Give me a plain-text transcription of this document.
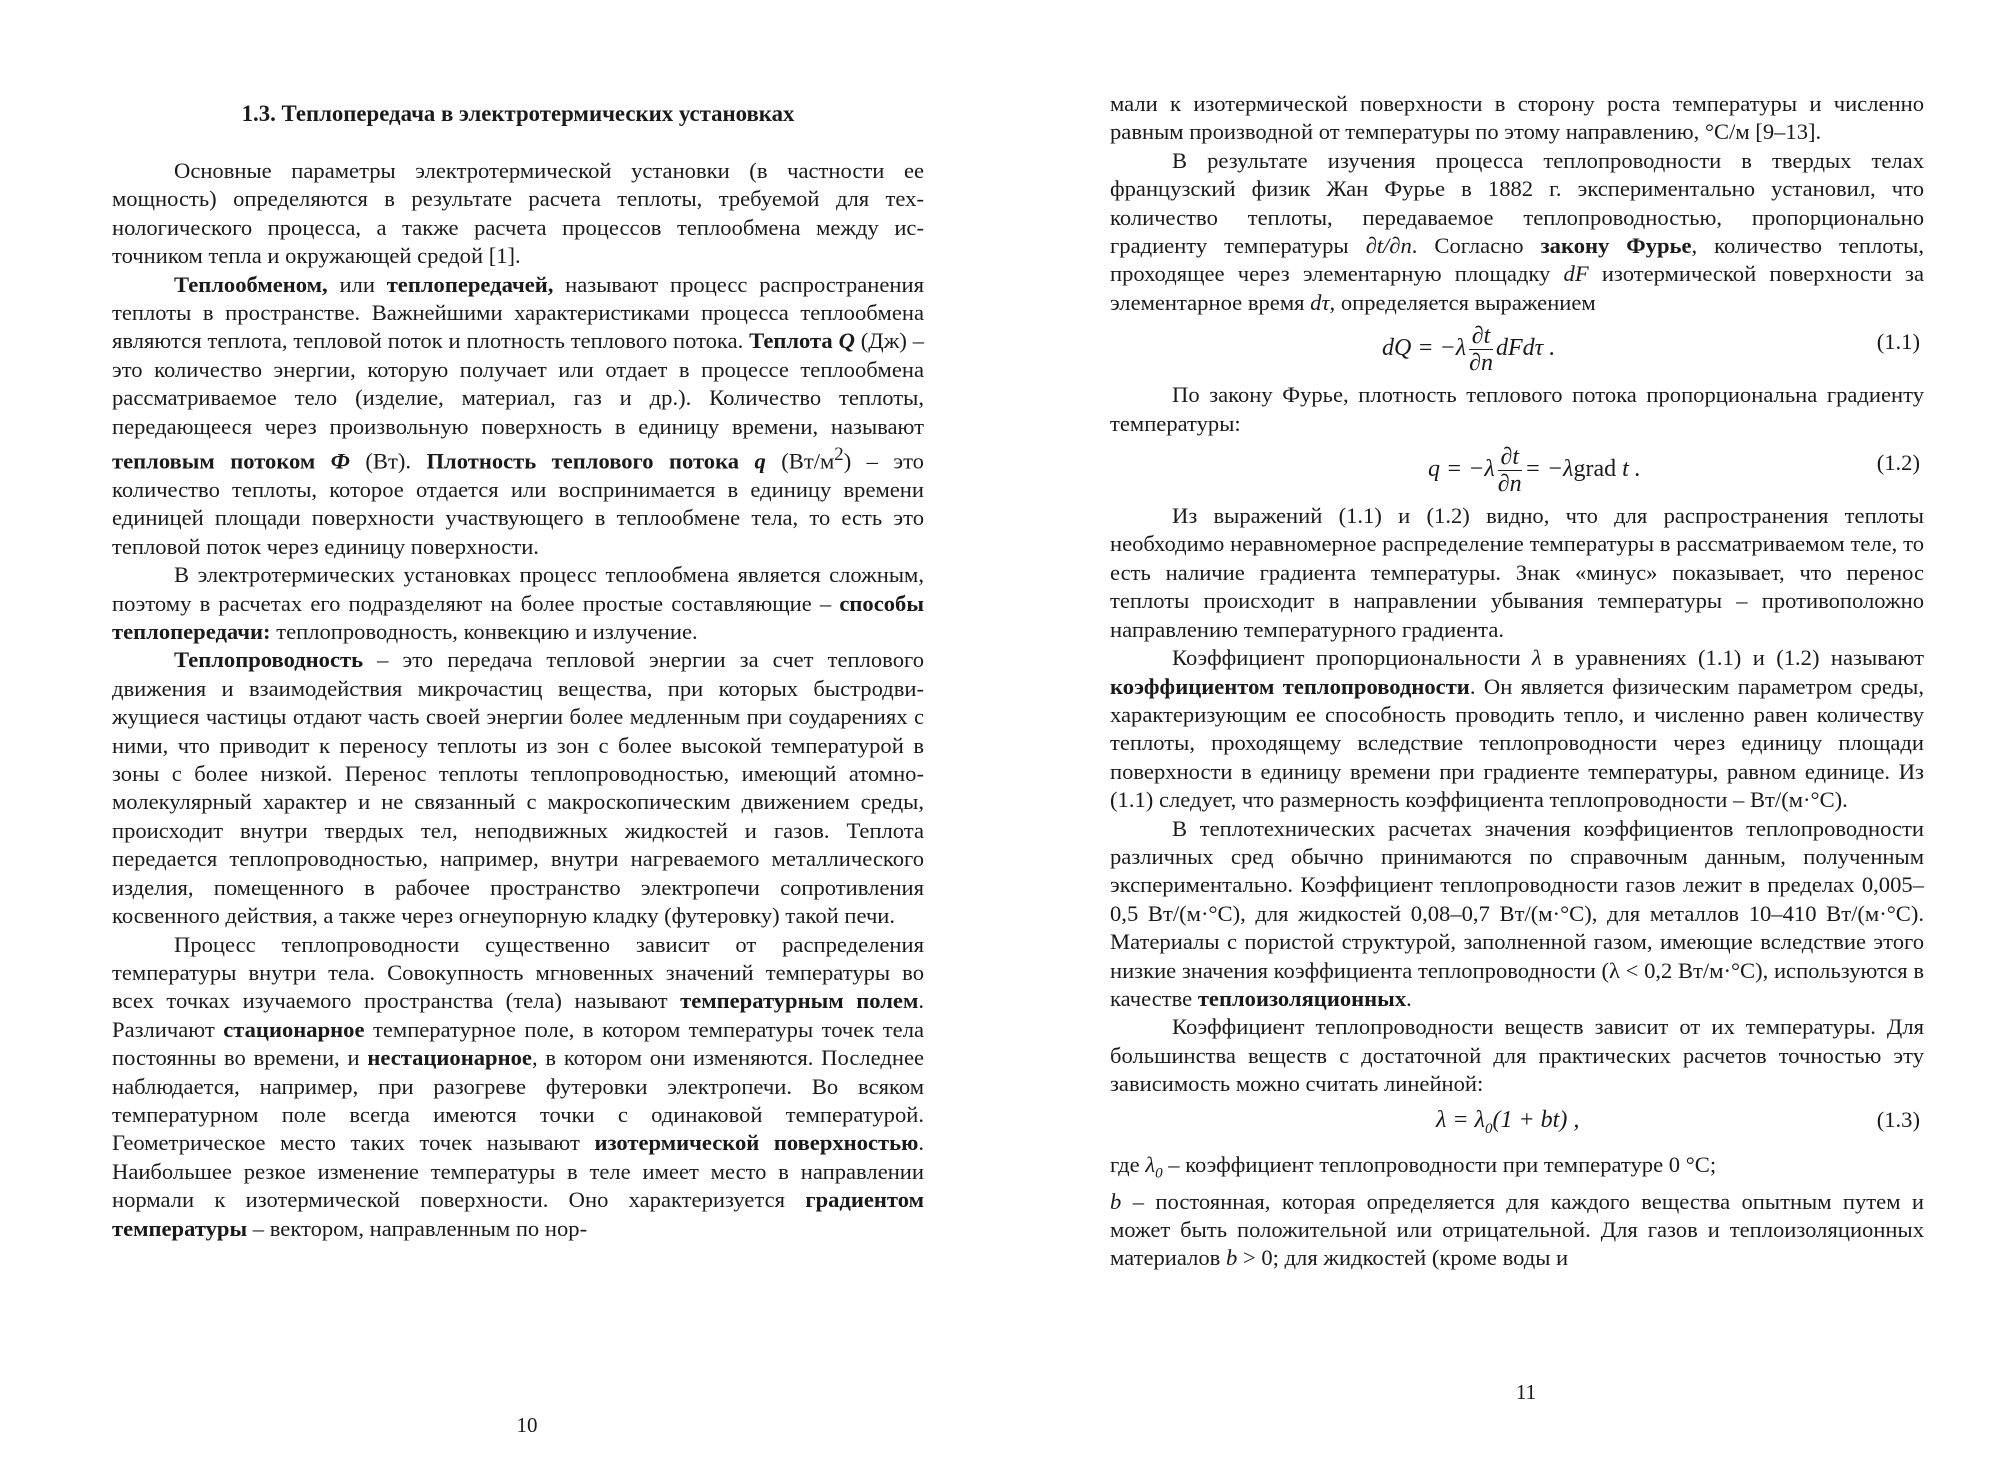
1.3. Теплопередача в электротермических установках

Основные параметры электротермической установки (в частности ее мощность) определяются в результате расчета теплоты, требуемой для технологического процесса, а также расчета процессов теплообмена между источником тепла и окружающей средой [1].

Теплообменом, или теплопередачей, называют процесс распространения теплоты в пространстве. Важнейшими характеристиками процесса теплообмена являются теплота, тепловой поток и плотность теплового потока. Теплота Q (Дж) – это количество энергии, которую получает или отдает в процессе теплообмена рассматриваемое тело (изделие, материал, газ и др.). Количество теплоты, передающееся через произвольную поверхность в единицу времени, называют тепловым потоком Ф (Вт). Плотность теплового потока q $(Вт/м^2)$ – это количество теплоты, которое отдается или воспринимается в единицу времени единицей площади поверхности участвующего в теплообмене тела, то есть это тепловой поток через единицу поверхности.

В электротермических установках процесс теплообмена является сложным, поэтому в расчетах его подразделяют на более простые составляющие – способы теплопередачи: теплопроводность, конвекцию и излучение.

Теплопроводность – это передача тепловой энергии за счет теплового движения и взаимодействия микрочастиц вещества, при которых быстродвижущиеся частицы отдают часть своей энергии более медленным при соударениях с ними, что приводит к переносу теплоты из зон с более высокой температурой в зоны с более низкой. Перенос теплоты теплопроводностью, имеющий атомно-молекулярный характер и не связанный с макроскопическим движением среды, происходит внутри твердых тел, неподвижных жидкостей и газов. Теплота передается теплопроводностью, например, внутри нагреваемого металлического изделия, помещенного в рабочее пространство электропечи сопротивления косвенного действия, а также через огнеупорную кладку (футеровку) такой печи.

Процесс теплопроводности существенно зависит от распределения температуры внутри тела. Совокупность мгновенных значений температуры во всех точках изучаемого пространства (тела) называют температурным полем. Различают стационарное температурное поле, в котором температуры точек тела постоянны во времени, и нестационарное, в котором они изменяются. Последнее наблюдается, например, при разогреве футеровки электропечи. Во всяком температурном поле всегда имеются точки с одинаковой температурой. Геометрическое место таких точек называют изотермической поверхностью. Наибольшее резкое изменение температуры в теле имеет место в направлении нормали к изотермической поверхности. Оно характеризуется градиентом температуры – вектором, направленным по нор-

10

мали к изотермической поверхности в сторону роста температуры и численно равным производной от температуры по этому направлению, °С/м [9–13].

В результате изучения процесса теплопроводности в твердых телах французский физик Жан Фурье в 1882 г. экспериментально установил, что количество теплоты, передаваемое теплопроводностью, пропорционально градиенту температуры ∂t/∂n. Согласно закону Фурье, количество теплоты, проходящее через элементарную площадку dF изотермической поверхности за элементарное время dτ, определяется выражением

dQ = $-\lambda \frac{\partial t}{\partial n}$ dFdτ .	(1.1)

По закону Фурье, плотность теплового потока пропорциональна градиенту температуры:

$q = -\lambda \frac{\partial t}{\partial n}$ = −λgrad t .	(1.2)

Из выражений (1.1) и (1.2) видно, что для распространения теплоты необходимо неравномерное распределение температуры в рассматриваемом теле, то есть наличие градиента температуры. Знак «минус» показывает, что перенос теплоты происходит в направлении убывания температуры – противоположно направлению температурного градиента.

Коэффициент пропорциональности λ в уравнениях (1.1) и (1.2) называют коэффициентом теплопроводности. Он является физическим параметром среды, характеризующим ее способность проводить тепло, и численно равен количеству теплоты, проходящему вследствие теплопроводности через единицу площади поверхности в единицу времени при градиенте температуры, равном единице. Из (1.1) следует, что размерность коэффициента теплопроводности – Вт/(м·°С).

В теплотехнических расчетах значения коэффициентов теплопроводности различных сред обычно принимаются по справочным данным, полученным экспериментально. Коэффициент теплопроводности газов лежит в пределах 0,005–0,5 Вт/(м·°С), для жидкостей 0,08–0,7 Вт/(м·°С), для металлов 10–410 Вт/(м·°С). Материалы с пористой структурой, заполненной газом, имеющие вследствие этого низкие значения коэффициента теплопроводности (λ < 0,2 Вт/м·°С), используются в качестве теплоизоляционных.

Коэффициент теплопроводности веществ зависит от их температуры. Для большинства веществ с достаточной для практических расчетов точностью эту зависимость можно считать линейной:

$\lambda = \lambda_0(1 + bt)$ ,	(1.3)

где $\lambda_0$ – коэффициент теплопроводности при температуре 0 °С;

b – постоянная, которая определяется для каждого вещества опытным путем и может быть положительной или отрицательной. Для газов и теплоизоляционных материалов b > 0; для жидкостей (кроме воды и

11
